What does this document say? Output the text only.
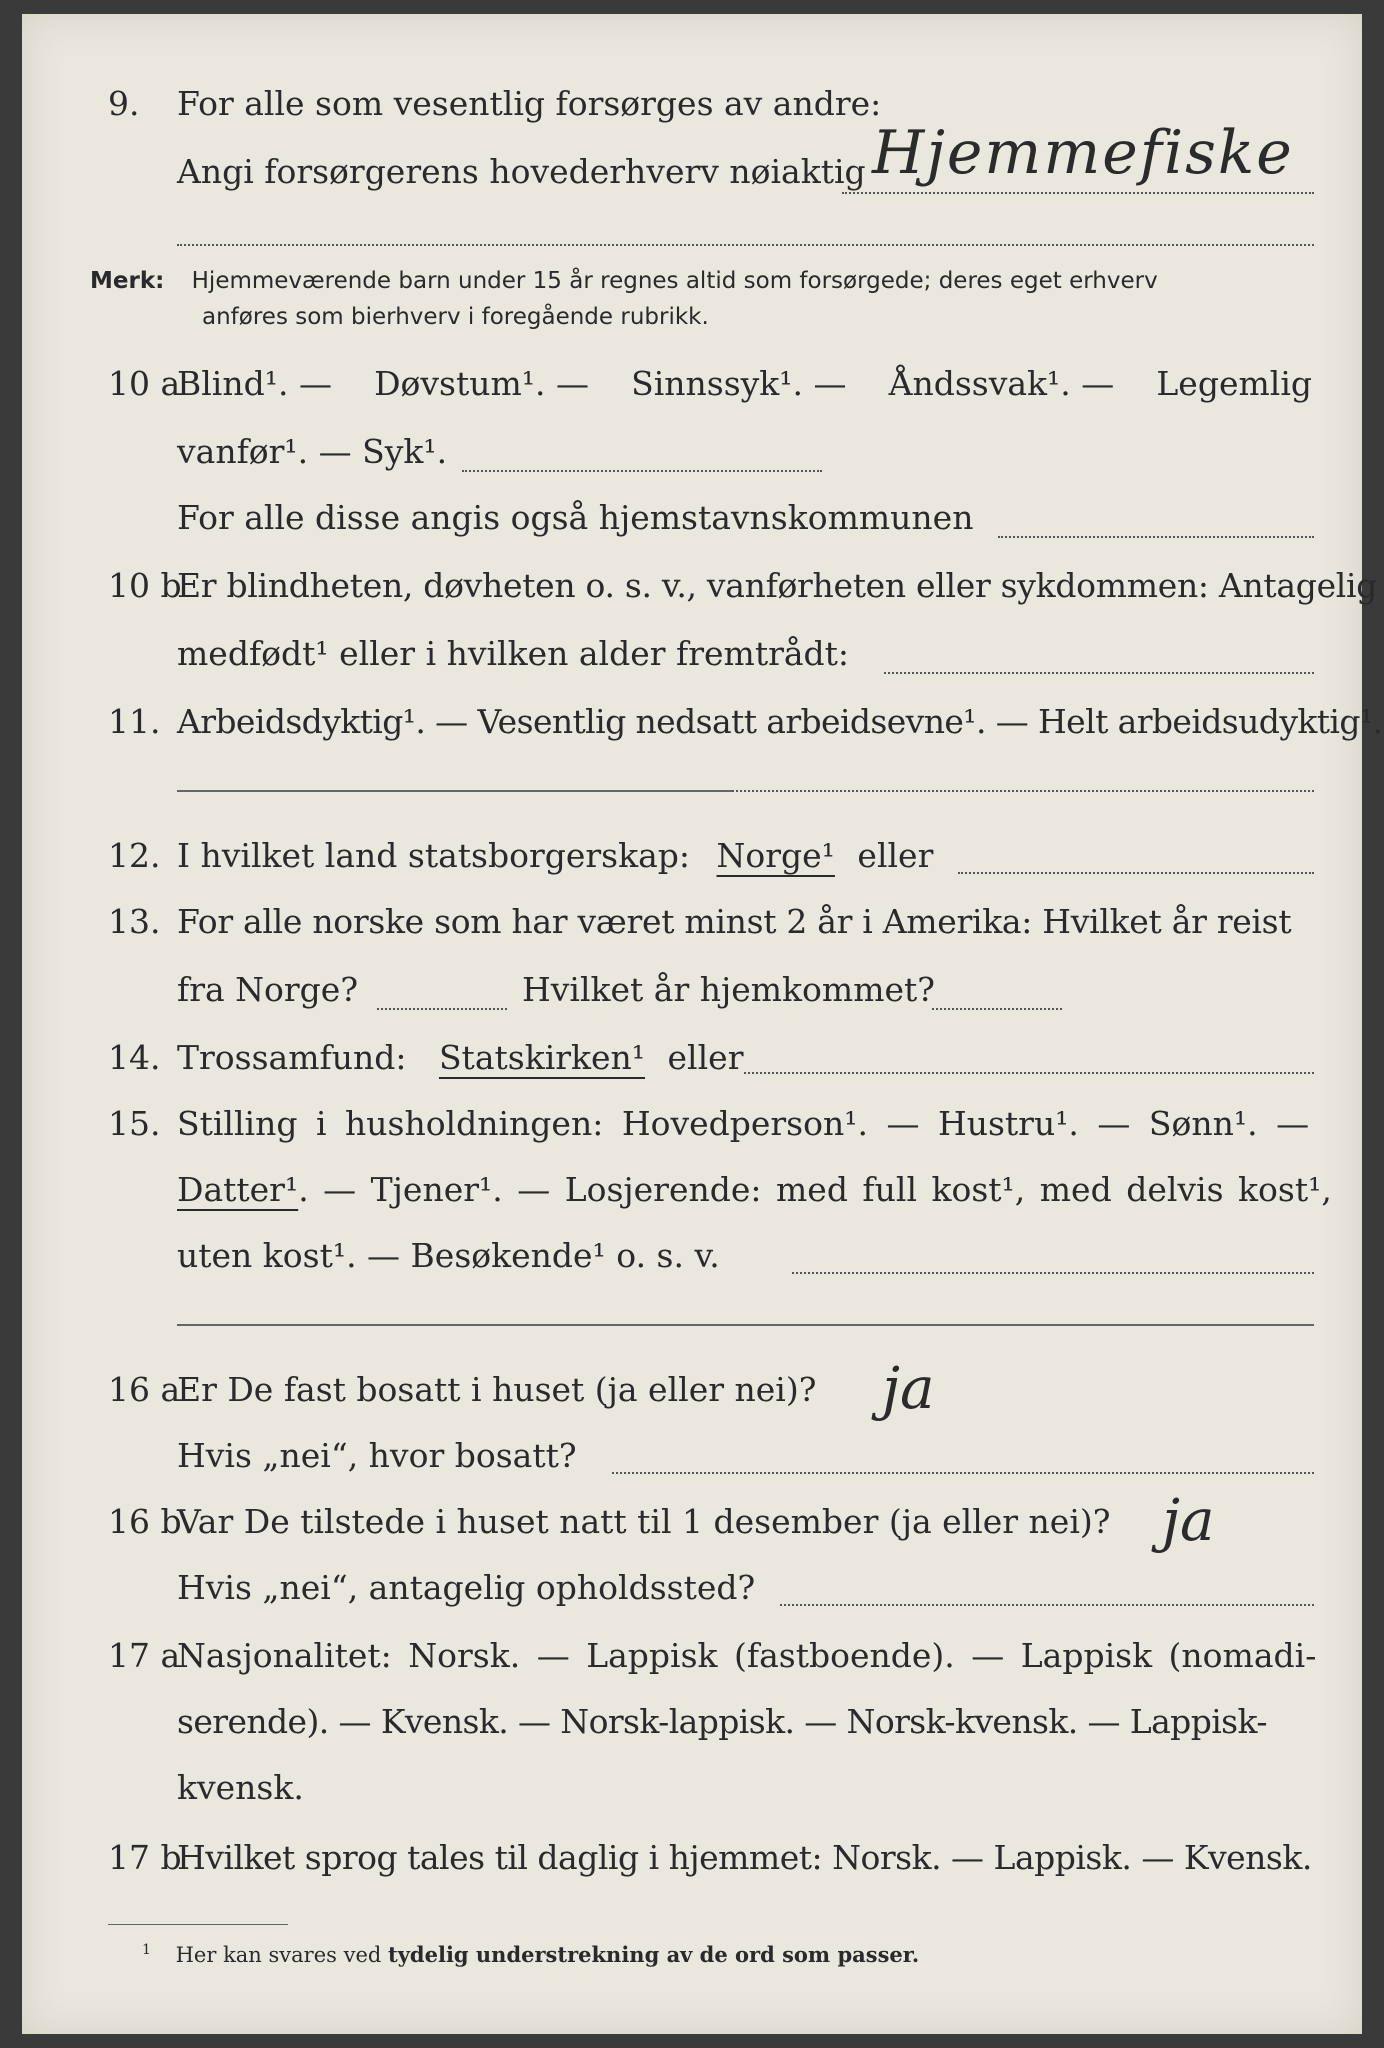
9. For alle som vesentlig forsørges av andre:
Angi forsørgerens hovederhverv nøiaktig Hjemmefiske
Merk: Hjemmeværende barn under 15 år regnes altid som forsørgede; deres eget erhverv
anføres som bierhverv i foregående rubrikk.
10 a
Blind¹. — Døvstum¹. — Sinnssyk¹. — Åndssvak¹. — Legemlig
vanfør¹. — Syk¹.
For alle disse angis også hjemstavnskommunen
10 b
Er blindheten, døvheten o. s. v., vanførheten eller sykdommen: Antagelig
medfødt¹ eller i hvilken alder fremtrådt:
11. Arbeidsdyktig¹. — Vesentlig nedsatt arbeidsevne¹. — Helt arbeidsudyktig¹.
12. I hvilket land statsborgerskap: Norge¹ eller
13. For alle norske som har været minst 2 år i Amerika: Hvilket år reist
fra Norge?	Hvilket år hjemkommet?
14. Trossamfund: Statskirken¹ eller
15. Stilling i husholdningen: Hovedperson¹. — Hustru¹. — Sønn¹. —
Datter¹. — Tjener¹. — Losjerende: med full kost¹, med delvis kost¹,
uten kost¹. — Besøkende¹ o. s. v.
16 a
Er De fast bosatt i huset (ja eller nei)? ja
Hvis „nei“, hvor bosatt?
16 b
Var De tilstede i huset natt til 1 desember (ja eller nei)? ja
Hvis „nei“, antagelig opholdssted?
17 a
Nasjonalitet: Norsk. — Lappisk (fastboende). — Lappisk (nomadi-
serende). — Kvensk. — Norsk-lappisk. — Norsk-kvensk. — Lappisk-
kvensk.
17 b
Hvilket sprog tales til daglig i hjemmet: Norsk. — Lappisk. — Kvensk.
$^1$ Her kan svares ved tydelig understrekning av de ord som passer.
